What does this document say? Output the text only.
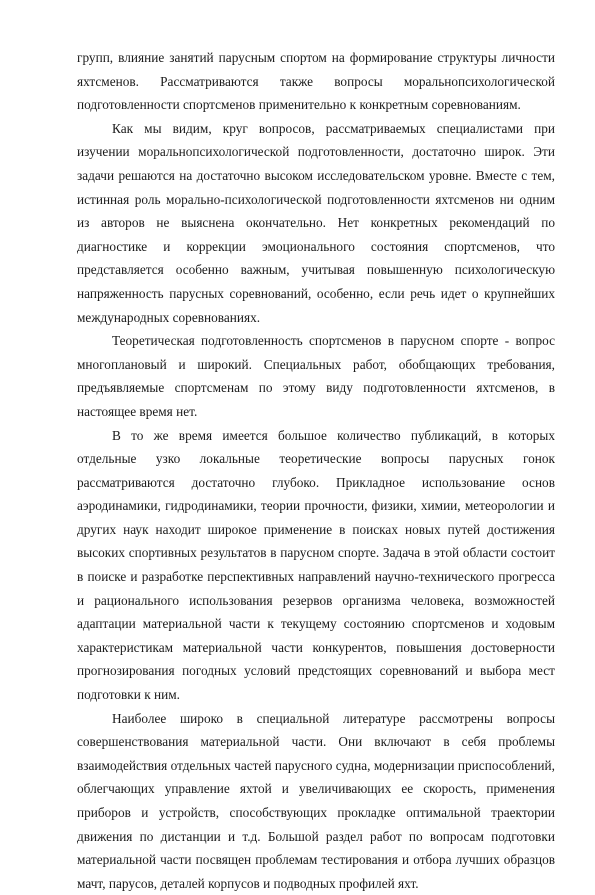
групп, влияние занятий парусным спортом на формирование структуры личности яхтсменов. Рассматриваются также вопросы моральнопсихологической подготовленности спортсменов применительно к конкретным соревнованиям.

Как мы видим, круг вопросов, рассматриваемых специалистами при изучении моральнопсихологической подготовленности, достаточно широк. Эти задачи решаются на достаточно высоком исследовательском уровне. Вместе с тем, истинная роль морально-психологической подготовленности яхтсменов ни одним из авторов не выяснена окончательно. Нет конкретных рекомендаций по диагностике и коррекции эмоционального состояния спортсменов, что представляется особенно важным, учитывая повышенную психологическую напряженность парусных соревнований, особенно, если речь идет о крупнейших международных соревнованиях.

Теоретическая подготовленность спортсменов в парусном спорте - вопрос многоплановый и широкий. Специальных работ, обобщающих требования, предъявляемые спортсменам по этому виду подготовленности яхтсменов, в настоящее время нет.

В то же время имеется большое количество публикаций, в которых отдельные узко локальные теоретические вопросы парусных гонок рассматриваются достаточно глубоко. Прикладное использование основ аэродинамики, гидродинамики, теории прочности, физики, химии, метеорологии и других наук находит широкое применение в поисках новых путей достижения высоких спортивных результатов в парусном спорте. Задача в этой области состоит в поиске и разработке перспективных направлений научно-технического прогресса и рационального использования резервов организма человека, возможностей адаптации материальной части к текущему состоянию спортсменов и ходовым характеристикам материальной части конкурентов, повышения достоверности прогнозирования погодных условий предстоящих соревнований и выбора мест подготовки к ним.

Наиболее широко в специальной литературе рассмотрены вопросы совершенствования материальной части. Они включают в себя проблемы взаимодействия отдельных частей парусного судна, модернизации приспособлений, облегчающих управление яхтой и увеличивающих ее скорость, применения приборов и устройств, способствующих прокладке оптимальной траектории движения по дистанции и т.д. Большой раздел работ по вопросам подготовки материальной части посвящен проблемам тестирования и отбора лучших образцов мачт, парусов, деталей корпусов и подводных профилей яхт.
